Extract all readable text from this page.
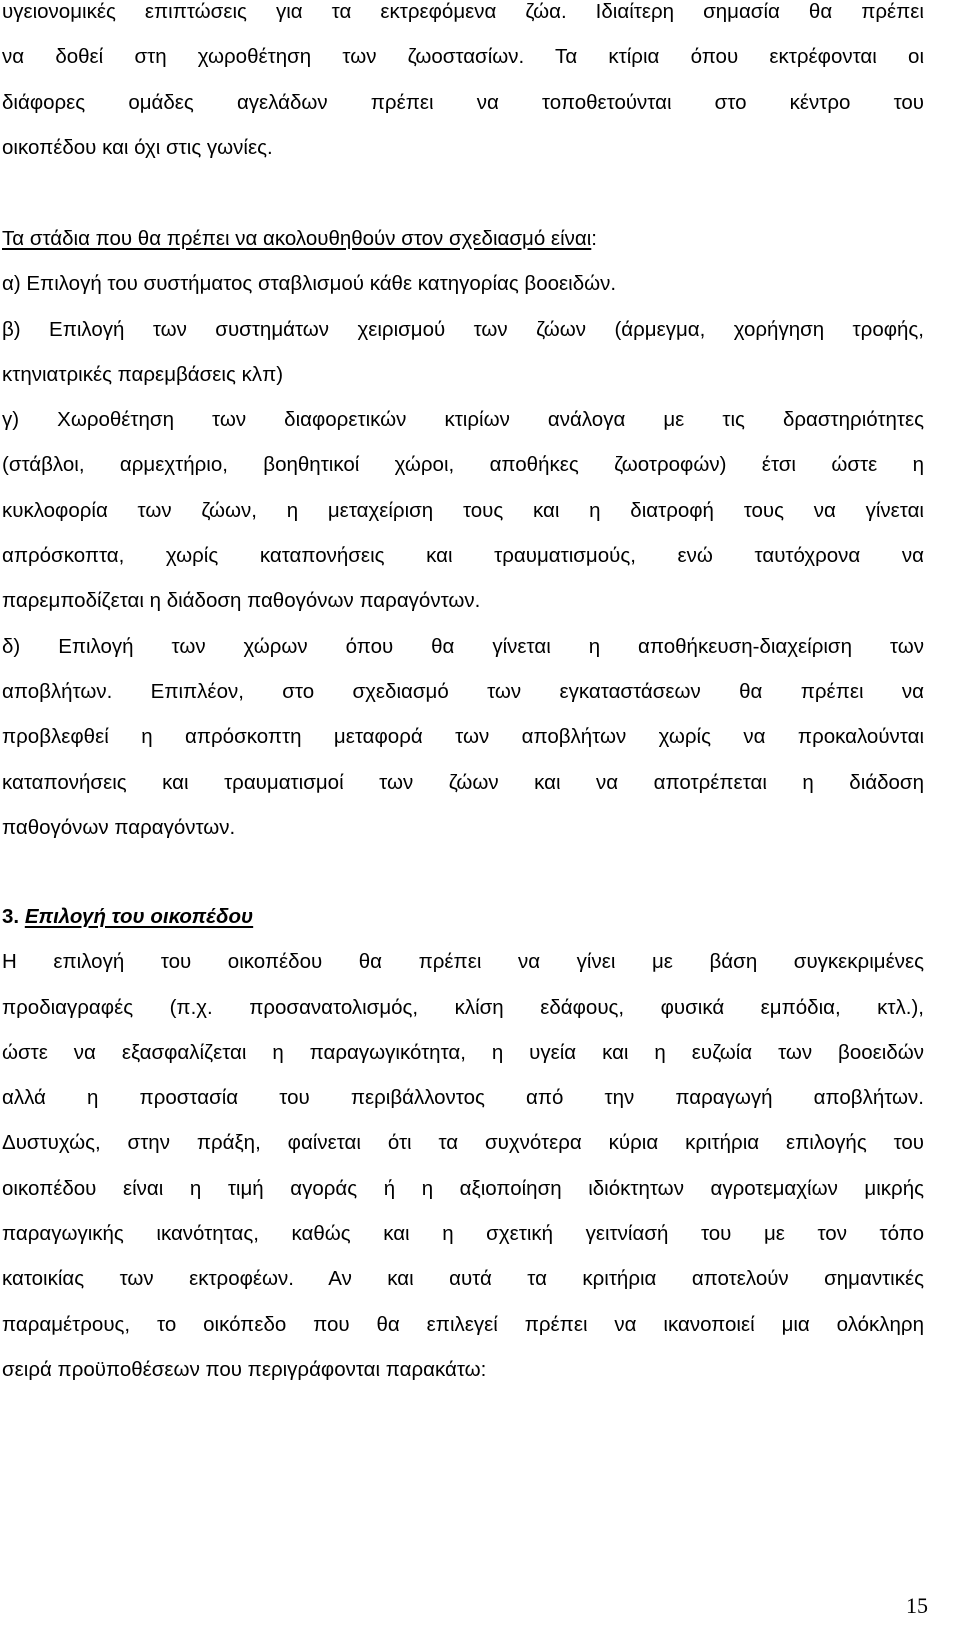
υγειονομικές επιπτώσεις για τα εκτρεφόμενα ζώα. Ιδιαίτερη σημασία θα πρέπει
να δοθεί στη χωροθέτηση των ζωοστασίων. Τα κτίρια όπου εκτρέφονται οι
διάφορες ομάδες αγελάδων πρέπει να τοποθετούνται στο κέντρο του
οικοπέδου και όχι στις γωνίες.
Τα στάδια που θα πρέπει να ακολουθηθούν στον σχεδιασμό είναι:
α) Επιλογή του συστήματος σταβλισμού κάθε κατηγορίας βοοειδών.
β) Επιλογή των συστημάτων χειρισμού των ζώων (άρμεγμα, χορήγηση τροφής,
κτηνιατρικές παρεμβάσεις κλπ)
γ) Χωροθέτηση των διαφορετικών κτιρίων ανάλογα με τις δραστηριότητες
(στάβλοι, αρμεχτήριο, βοηθητικοί χώροι, αποθήκες ζωοτροφών) έτσι ώστε η
κυκλοφορία των ζώων, η μεταχείριση τους και η διατροφή τους να γίνεται
απρόσκοπτα, χωρίς καταπονήσεις και τραυματισμούς, ενώ ταυτόχρονα να
παρεμποδίζεται η διάδοση παθογόνων παραγόντων.
δ) Επιλογή των χώρων όπου θα γίνεται η αποθήκευση-διαχείριση των
αποβλήτων. Επιπλέον, στο σχεδιασμό των εγκαταστάσεων θα πρέπει να
προβλεφθεί η απρόσκοπτη μεταφορά των αποβλήτων χωρίς να προκαλούνται
καταπονήσεις και τραυματισμοί των ζώων και να αποτρέπεται η διάδοση
παθογόνων παραγόντων.
3. Επιλογή του οικοπέδου
Η επιλογή του οικοπέδου θα πρέπει να γίνει με βάση συγκεκριμένες
προδιαγραφές (π.χ. προσανατολισμός, κλίση εδάφους, φυσικά εμπόδια, κτλ.),
ώστε να εξασφαλίζεται η παραγωγικότητα, η υγεία και η ευζωία των βοοειδών
αλλά η προστασία του περιβάλλοντος από την παραγωγή αποβλήτων.
Δυστυχώς, στην πράξη, φαίνεται ότι τα συχνότερα κύρια κριτήρια επιλογής του
οικοπέδου είναι η τιμή αγοράς ή η αξιοποίηση ιδιόκτητων αγροτεμαχίων μικρής
παραγωγικής ικανότητας, καθώς και η σχετική γειτνίασή του με τον τόπο
κατοικίας των εκτροφέων. Αν και αυτά τα κριτήρια αποτελούν σημαντικές
παραμέτρους, το οικόπεδο που θα επιλεγεί πρέπει να ικανοποιεί μια ολόκληρη
σειρά προϋποθέσεων που περιγράφονται παρακάτω:
15
